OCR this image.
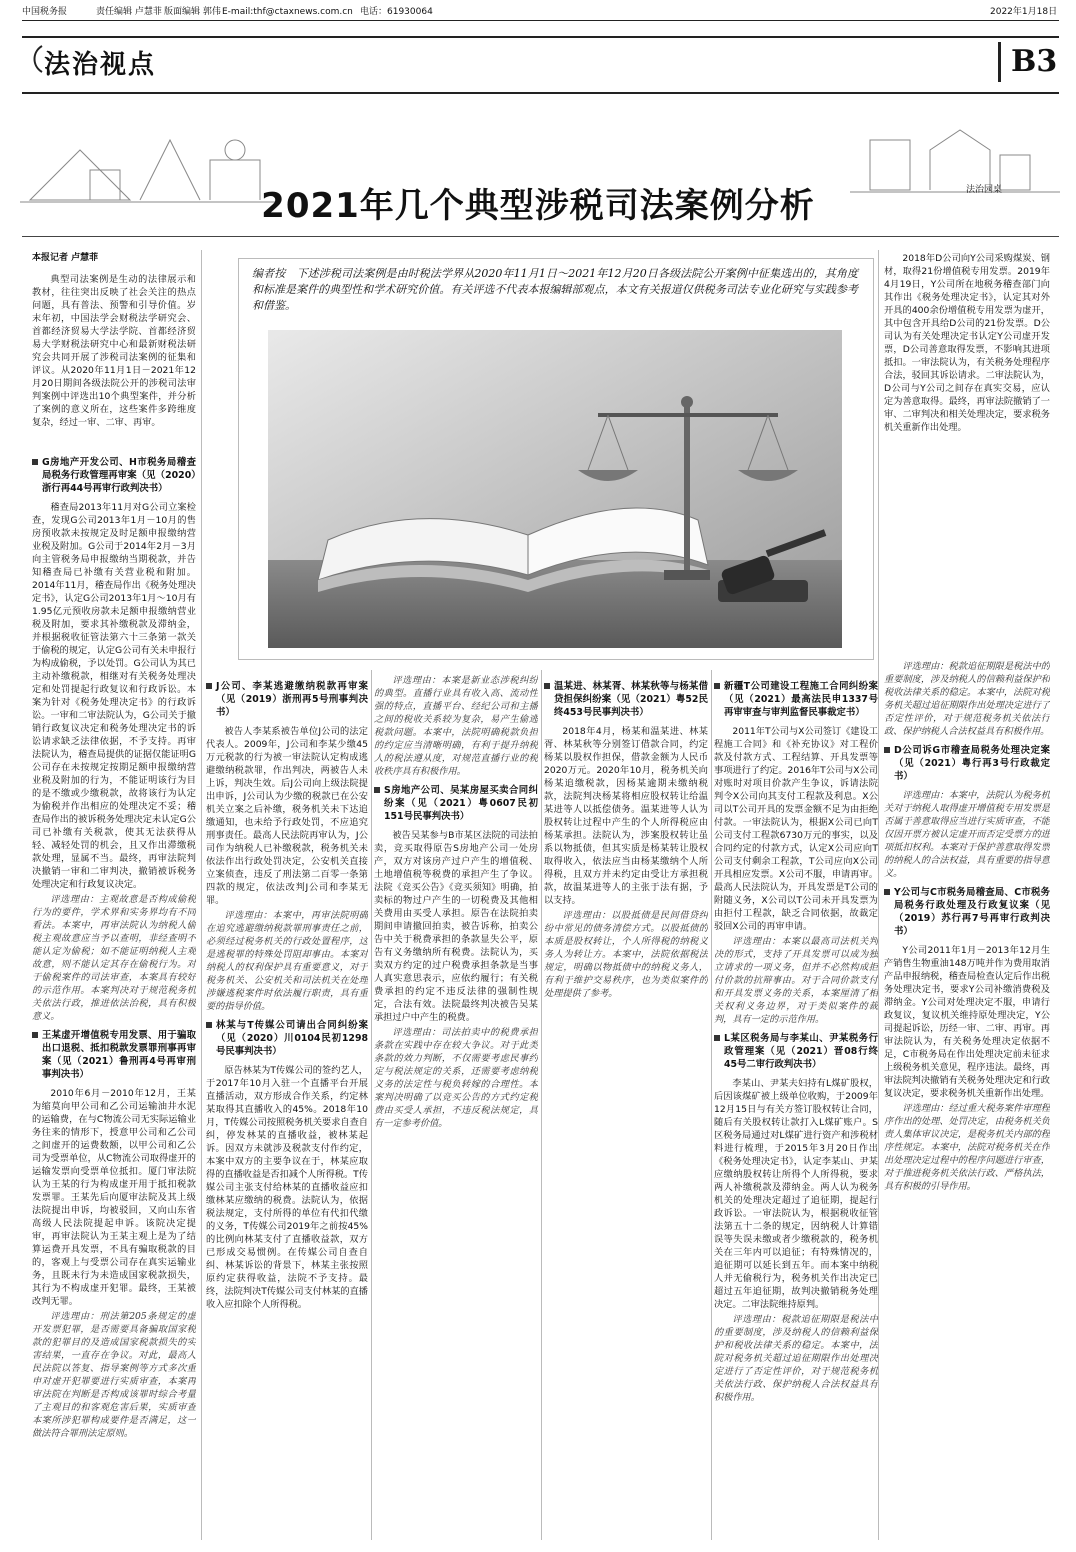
中国税务报	责任编辑 卢慧菲 版面编辑 郭伟 E-mail:thf@ctaxnews.com.cn 电话：61930064	2022年1月18日
法治视点	B3
法治园桌
2021年几个典型涉税司法案例分析
编者按　下述涉税司法案例是由时税法学界从2020年11月1日～2021年12月20日各级法院公开案例中征集选出的，其角度和标准是案件的典型性和学术研究价值。有关评选不代表本报编辑部观点，本文有关报道仅供税务司法专业化研究与实践参考和借鉴。

本报记者 卢慧菲

典型司法案例是生动的法律展示和教材，往往突出反映了社会关注的热点问题，具有普法、预警和引导价值。岁末年初，中国法学会财税法学研究会、首都经济贸易大学法学院、首都经济贸易大学财税法研究中心和最新财税法研究会共同开展了涉税司法案例的征集和评议。从2020年11月1日－2021年12月20日期间各级法院公开的涉税司法审判案例中评选出10个典型案件，并分析了案例的意义所在，这些案件多跨维度复杂，经过一审、二审、再审。

2018年D公司向Y公司采购煤炭、钢材，取得21份增值税专用发票。2019年4月19日，Y公司所在地税务稽查部门向其作出《税务处理决定书》，认定其对外开具的400余份增值税专用发票为虚开，其中包含开具给D公司的21份发票。D公司认为有关处理决定书认定Y公司虚开发票，D公司善意取得发票，不影响其进项抵扣。一审法院认为，有关税务处理程序合法，驳回其诉讼请求。二审法院认为，D公司与Y公司之间存在真实交易，应认定为善意取得。最终，再审法院撤销了一审、二审判决和相关处理决定，要求税务机关重新作出处理。

G房地产开发公司、H市税务局稽查局税务行政管理再审案（见（2020）浙行再44号再审行政判决书）

稽查局2013年11月对G公司立案检查，发现G公司2013年1月－10月的售房预收款未按规定及时足额申报缴纳营业税及附加。G公司于2014年2月－3月向主管税务局申报缴纳当期税款，并告知稽查局已补缴有关营业税和附加。2014年11月，稽查局作出《税务处理决定书》，认定G公司2013年1月～10月有1.95亿元预收房款未足额申报缴纳营业税及附加，要求其补缴税款及滞纳金，并根据税收征管法第六十三条第一款关于偷税的规定，认定G公司有关未申报行为构成偷税，予以处罚。G公司认为其已主动补缴税款，相继对有关税务处理决定和处罚提起行政复议和行政诉讼。本案为针对《税务处理决定书》的行政诉讼。一审和二审法院认为，G公司关于撤销行政复议决定和税务处理决定书的诉讼请求缺乏法律依据，不予支持。再审法院认为，稽查局提供的证据仅能证明G公司存在未按规定按期足额申报缴纳营业税及附加的行为，不能证明该行为目的是不缴或少缴税款，故将该行为认定为偷税并作出相应的处理决定不妥；稽查局作出的被诉税务处理决定未认定G公司已补缴有关税款，使其无法获得从轻、减轻处罚的机会，且又作出滞缴税款处理，显属不当。最终，再审法院判决撤销一审和二审判决，撤销被诉税务处理决定和行政复议决定。

评选理由：主观故意是否构成偷税行为的要件，学术界和实务界均有不同看法。本案中，再审法院认为纳税人偷税主观故意应当予以查明，非经查明不能认定为偷税；如不能证明纳税人主观故意，则不能认定其存在偷税行为。对于偷税案件的司法审查，本案具有较好的示范作用。本案判决对于规范税务机关依法行政，推进依法治税，具有积极意义。

王某虚开增值税专用发票、用于骗取出口退税、抵扣税款发票罪刑事再审案（见（2021）鲁刑再4号再审刑事判决书）

2010年6月－2010年12月，王某为缩莫向甲公司和乙公司运输油井水泥的运输费，在与C物流公司无实际运输业务往来的情形下，授意甲公司和乙公司之间虚开的运费数额，以甲公司和乙公司为受票单位，从C物流公司取得虚开的运输发票向受票单位抵扣。厦门审法院认为王某的行为构成虚开用于抵扣税款发票罪。王某先后向厦审法院及其上级法院提出申诉，均被驳回，又向山东省高级人民法院提起申诉。该院决定提审，再审法院认为王某主观上是为了结算运费开具发票，不具有骗取税款的目的，客观上与受票公司存在真实运输业务，且既未行为未造成国家税款损失，其行为不构成虚开犯罪。最终，王某被改判无罪。

评选理由：刑法第205条规定的虚开发票犯罪，是否需要具备骗取国家税款的犯罪目的及造成国家税款损失的实害结果，一直存在争议。对此，最高人民法院以答复、指导案例等方式多次重申对虚开犯罪要进行实质审查，本案再审法院在判断是否构成该罪时综合考量了主观目的和客观危害后果，实质审查本案所涉犯罪构成要件是否满足，这一做法符合罪刑法定原则。

J公司、李某逃避缴纳税款再审案（见（2019）浙刑再5号刑事判决书）

被告人李某系被告单位J公司的法定代表人。2009年，J公司和李某少缴45万元税款的行为被一审法院认定构成逃避缴纳税款罪，作出判决，两被告人未上诉，判决生效。后J公司向上级法院提出申诉，J公司认为少缴的税款已在公安机关立案之后补缴，税务机关未下达追缴通知，也未给予行政处罚，不应追究刑事责任。最高人民法院再审认为，J公司作为纳税人已补缴税款，税务机关未依法作出行政处罚决定，公安机关直接立案侦查，违反了刑法第二百零一条第四款的规定，依法改判J公司和李某无罪。

评选理由：本案中，再审法院明确在追究逃避缴纳税款罪刑事责任之前，必须经过税务机关的行政处置程序，这是逃税罪的特殊处罚阻却事由。本案对纳税人的权利保护具有重要意义，对于税务机关、公安机关和司法机关在处理涉嫌逃税案件时依法履行职责，具有重要的指导价值。

林某与T传媒公司请出合同纠纷案（见（2020）川0104民初1298号民事判决书）

原告林某为T传媒公司的签约艺人，于2017年10月入驻一个直播平台开展直播活动，双方形成合作关系，约定林某取得其直播收入的45%。2018年10月，T传媒公司按照税务机关要求自查自纠，停发林某的直播收益，被林某起诉。因双方未就涉及税款支付作约定，本案中双方的主要争议在于，林某应取得的直播收益是否扣减个人所得税。T传媒公司主张支付给林某的直播收益应扣缴林某应缴纳的税费。法院认为，依据税法规定，支付所得的单位有代扣代缴的义务，T传媒公司2019年之前按45%的比例向林某支付了直播收益款，双方已形成交易惯例。在传媒公司自查自纠、林某诉讼的背景下，林某主张按照原约定获得收益，法院不予支持。最终，法院判决T传媒公司支付林某的直播收入应扣除个人所得税。

评选理由：本案是新业态涉税纠纷的典型。直播行业具有收入高、流动性强的特点，直播平台、经纪公司和主播之间的税收关系较为复杂，易产生偷逃税款问题。本案中，法院明确税款负担的约定应当清晰明确，有利于提升纳税人的税法遵从度，对规范直播行业的税收秩序具有积极作用。

S房地产公司、吴某房屋买卖合同纠纷案（见（2021）粤0607民初151号民事判决书）

被告吴某参与B市某区法院的司法拍卖，竞买取得原告S房地产公司一处房产，双方对该房产过户产生的增值税、土地增值税等税费的承担产生了争议。法院《竞买公告》《竞买须知》明确，拍卖标的物过户产生的一切税费及其他相关费用由买受人承担。原告在法院拍卖期间申请撤回拍卖，被告诉称，拍卖公告中关于税费承担的条款显失公平，原告有义务缴纳所有税费。法院认为，买卖双方约定的过户税费承担条款是当事人真实意思表示，应依约履行；有关税费承担的约定不违反法律的强制性规定，合法有效。法院最终判决被告吴某承担过户中产生的税费。

评选理由：司法拍卖中的税费承担条款在实践中存在较大争议。对于此类条款的效力判断，不仅需要考虑民事约定与税法规定的关系，还需要考虑纳税义务的法定性与税负转嫁的合理性。本案判决明确了以竞买公告的方式约定税费由买受人承担，不违反税法规定，具有一定参考价值。

温某进、林某胥、林某秋等与杨某借贷担保纠纷案（见（2021）粤52民终453号民事判决书）

2018年4月，杨某和温某进、林某胥、林某秋等分别签订借款合同，约定杨某以股权作担保，借款金额为人民币2020万元。2020年10月，税务机关向杨某追缴税款，因杨某逾期未缴纳税款，法院判决杨某将相应股权转让给温某进等人以抵偿债务。温某进等人认为股权转让过程中产生的个人所得税应由杨某承担。法院认为，涉案股权转让虽系以物抵债，但其实质是杨某转让股权取得收入，依法应当由杨某缴纳个人所得税，且双方并未约定由受让方承担税款，故温某进等人的主张于法有据，予以支持。

评选理由：以股抵债是民间借贷纠纷中常见的债务清偿方式。以股抵债的本质是股权转让，个人所得税的纳税义务人为转让方。本案中，法院依据税法规定，明确以物抵债中的纳税义务人，有利于维护交易秩序，也为类似案件的处理提供了参考。

新疆T公司建设工程施工合同纠纷案（见（2021）最高法民申1337号再审审查与审判监督民事裁定书）

2011年T公司与X公司签订《建设工程施工合同》和《补充协议》对工程价款及付款方式、工程结算、开具发票等事项进行了约定。2016年T公司与X公司对账时对项目价款产生争议，诉请法院判令X公司向其支付工程款及利息。X公司以T公司开具的发票金额不足为由拒绝付款。一审法院认为，根据X公司已向T公司支付工程款6730万元的事实，以及合同约定的付款方式，认定X公司应向T公司支付剩余工程款，T公司应向X公司开具相应发票。X公司不服，申请再审。最高人民法院认为，开具发票是T公司的附随义务，X公司以T公司未开具发票为由拒付工程款，缺乏合同依据，故裁定驳回X公司的再审申请。

评选理由：本案以最高司法机关判决的形式，支持了开具发票可以成为独立请求的一项义务，但并不必然构成拒付价款的抗辩事由。对于合同价款支付和开具发票义务的关系，本案厘清了相关权利义务边界，对于类似案件的裁判，具有一定的示范作用。

L某区税务局与李某山、尹某税务行政管理案（见（2021）晋08行终45号二审行政判决书）

李某山、尹某夫妇持有L煤矿股权，后因该煤矿被上级单位收购，于2009年12月15日与有关方签订股权转让合同，随后有关股权转让款打入L煤矿账户。S区税务局通过对L煤矿进行资产和涉税材料进行梳理，于2015年3月20日作出《税务处理决定书》，认定李某山、尹某应缴纳股权转让所得个人所得税，要求两人补缴税款及滞纳金。两人认为税务机关的处理决定超过了追征期，提起行政诉讼。一审法院认为，根据税收征管法第五十二条的规定，因纳税人计算错误等失误未缴或者少缴税款的，税务机关在三年内可以追征；有特殊情况的，追征期可以延长到五年。而本案中纳税人并无偷税行为，税务机关作出决定已超过五年追征期，故判决撤销税务处理决定。二审法院维持原判。

评选理由：税款追征期限是税法中的重要制度，涉及纳税人的信赖利益保护和税收法律关系的稳定。本案中，法院对税务机关超过追征期限作出处理决定进行了否定性评价，对于规范税务机关依法行政、保护纳税人合法权益具有积极作用。

评选理由：税款追征期限是税法中的重要制度，涉及纳税人的信赖利益保护和税收法律关系的稳定。本案中，法院对税务机关超过追征期限作出处理决定进行了否定性评价，对于规范税务机关依法行政、保护纳税人合法权益具有积极作用。

D公司诉G市稽查局税务处理决定案（见（2021）粤行再3号行政裁定书）

评选理由：本案中，法院认为税务机关对于纳税人取得虚开增值税专用发票是否属于善意取得应当进行实质审查，不能仅因开票方被认定虚开而否定受票方的进项抵扣权利。本案对于保护善意取得发票的纳税人的合法权益，具有重要的指导意义。

Y公司与C市税务局稽查局、C市税务局税务行政处理及行政复议案（见（2019）苏行再7号再审行政判决书）

Y公司2011年1月－2013年12月生产销售生物重油148万吨并作为费用取消产品申报纳税，稽查局检查认定后作出税务处理决定书，要求Y公司补缴消费税及滞纳金。Y公司对处理决定不服，申请行政复议，复议机关维持原处理决定，Y公司提起诉讼，历经一审、二审、再审。再审法院认为，有关税务处理决定依据不足，C市税务局在作出处理决定前未征求上级税务机关意见，程序违法。最终，再审法院判决撤销有关税务处理决定和行政复议决定，要求税务机关重新作出处理。

评选理由：经过重大税务案件审理程序作出的处理、处罚决定，由税务机关负责人集体审议决定，是税务机关内部的程序性规定。本案中，法院对税务机关在作出处理决定过程中的程序问题进行审查，对于推进税务机关依法行政、严格执法，具有积极的引导作用。
